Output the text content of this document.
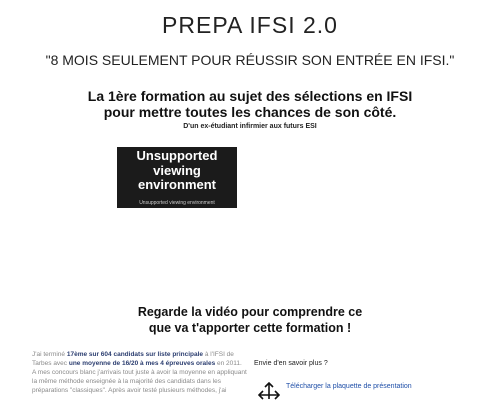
PREPA IFSI 2.0
"8 MOIS SEULEMENT POUR RÉUSSIR SON ENTRÉE EN IFSI."
La 1ère formation au sujet des sélections en IFSI
pour mettre toutes les chances de son côté.
D'un ex-étudiant infirmier aux futurs ESI
Unsupported viewing environment
Unsupported viewing environment
Regarde la vidéo pour comprendre ce
que va t'apporter cette formation !
J'ai terminé 17ème sur 604 candidats sur liste principale à l'IFSI de Tarbes avec une moyenne de 16/20 à mes 4 épreuves orales en 2011. A mes concours blanc j'arrivais tout juste à avoir la moyenne en appliquant la même méthode enseignée à la majorité des candidats dans les préparations "classiques". Après avoir testé plusieurs méthodes, j'ai
Envie d'en savoir plus ?
Télécharger la plaquette de présentation
